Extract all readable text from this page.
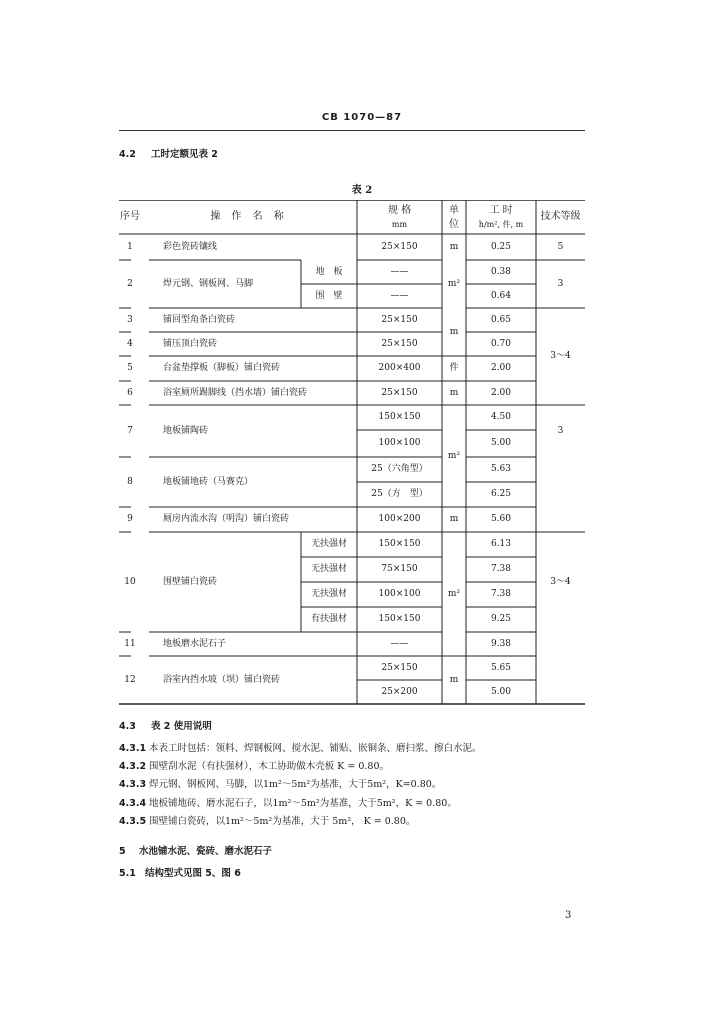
CB 1070—87
4.2 工时定额见表 2
表 2
序号	操 作 名 称
规 格
mm
单
位
工 时
h/m², 件, m
技术等级
1
2
3
4
5
6
7
8
9
10
11
12
彩色瓷砖镶线
焊元钢、钢板网、马脚
铺回型角条白瓷砖
铺压顶白瓷砖
台盆垫撑板（脚板）铺白瓷砖
浴室厕所踢脚线（挡水墙）铺白瓷砖
地板铺陶砖
地板铺地砖（马赛克）
厕房内流水沟（明沟）铺白瓷砖
围壁铺白瓷砖
地板磨水泥石子
浴室内挡水坡（坝）铺白瓷砖
地　板
围　壁
无扶强材
无扶强材
无扶强材
有扶强材
25×150
——
——
25×150
25×150
200×400
25×150
150×150
100×100
25（六角型）
25（方　型）
100×200
150×150
75×150
100×100
150×150
——
25×150
25×200
m
m²
m
件
m
m²
m
m²
m
0.25
0.38
0.64
0.65
0.70
2.00
2.00
4.50
5.00
5.63
6.25
5.60
6.13
7.38
7.38
9.25
9.38
5.65
5.00
5
3
3～4
3
3～4
4.3 表 2 使用说明
4.3.1 本表工时包括：领料、焊钢板网、搅水泥、铺贴、嵌铜条、磨扫浆、擦白水泥。
4.3.2 围壁刮水泥（有扶强材），木工协助做木壳板 K = 0.80。
4.3.3 焊元钢、钢板网、马脚，以1m²～5m²为基准，大于5m²，K=0.80。
4.3.4 地板铺地砖、磨水泥石子，以1m²～5m²为基准，大于5m²，K = 0.80。
4.3.5 围壁铺白瓷砖，以1m²～5m²为基准，大于 5m²， K = 0.80。
5 水池铺水泥、瓷砖、磨水泥石子
5.1 结构型式见图 5、图 6
3
